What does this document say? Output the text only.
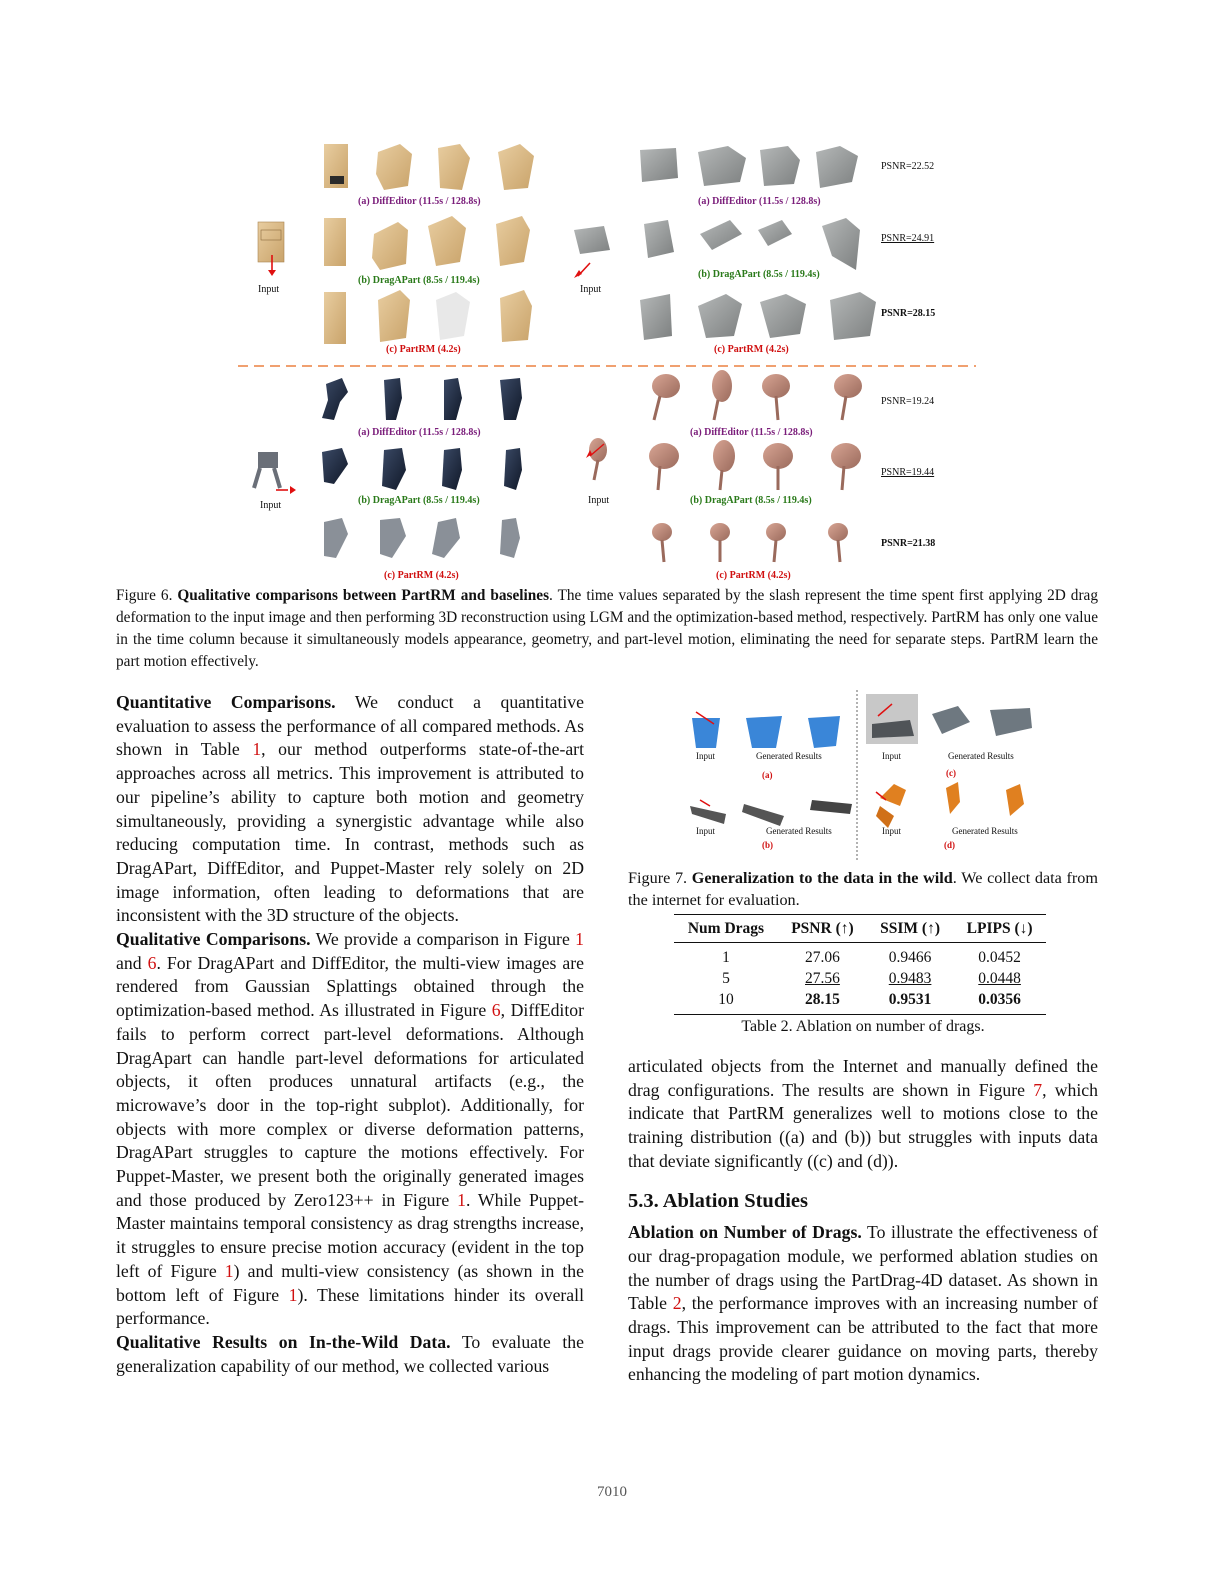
(a) DiffEditor (11.5s / 128.8s)
(b) DragAPart (8.5s / 119.4s)
(c) PartRM (4.2s)
Input
(a) DiffEditor (11.5s / 128.8s)
(b) DragAPart (8.5s / 119.4s)
(c) PartRM (4.2s)
Input
PSNR=22.52
PSNR=24.91
PSNR=28.15
(a) DiffEditor (11.5s / 128.8s)
(b) DragAPart (8.5s / 119.4s)
(c) PartRM (4.2s)
Input
(a) DiffEditor (11.5s / 128.8s)
(b) DragAPart (8.5s / 119.4s)
(c) PartRM (4.2s)
Input
PSNR=19.24
PSNR=19.44
PSNR=21.38
Figure 6. Qualitative comparisons between PartRM and baselines. The time values separated by the slash represent the time spent first applying 2D drag deformation to the input image and then performing 3D reconstruction using LGM and the optimization-based method, respectively. PartRM has only one value in the time column because it simultaneously models appearance, geometry, and part-level motion, eliminating the need for separate steps. PartRM learn the part motion effectively.
Quantitative Comparisons. We conduct a quantitative evaluation to assess the performance of all compared methods. As shown in Table 1, our method outperforms state-of-the-art approaches across all metrics. This improvement is attributed to our pipeline’s ability to capture both motion and geometry simultaneously, providing a synergistic advantage while also reducing computation time. In contrast, methods such as DragAPart, DiffEditor, and Puppet-Master rely solely on 2D image information, often leading to deformations that are inconsistent with the 3D structure of the objects.
Qualitative Comparisons. We provide a comparison in Figure 1 and 6. For DragAPart and DiffEditor, the multi-view images are rendered from Gaussian Splattings obtained through the optimization-based method. As illustrated in Figure 6, DiffEditor fails to perform correct part-level deformations. Although DragApart can handle part-level deformations for articulated objects, it often produces unnatural artifacts (e.g., the microwave’s door in the top-right subplot). Additionally, for objects with more complex or diverse deformation patterns, DragAPart struggles to capture the motions effectively. For Puppet-Master, we present both the originally generated images and those produced by Zero123++ in Figure 1. While Puppet-Master maintains temporal consistency as drag strengths increase, it struggles to ensure precise motion accuracy (evident in the top left of Figure 1) and multi-view consistency (as shown in the bottom left of Figure 1). These limitations hinder its overall performance.
Qualitative Results on In-the-Wild Data. To evaluate the generalization capability of our method, we collected various
Input	Generated Results
(a)
Input	Generated Results
(c)
Input	Generated Results
(b)
Input	Generated Results
(d)
Figure 7. Generalization to the data in the wild. We collect data from the internet for evaluation.
Num Drags	PSNR (↑)	SSIM (↑)	LPIPS (↓)
1	27.06	0.9466	0.0452
5	27.56	0.9483	0.0448
10	28.15	0.9531	0.0356
Table 2. Ablation on number of drags.
articulated objects from the Internet and manually defined the drag configurations. The results are shown in Figure 7, which indicate that PartRM generalizes well to motions close to the training distribution ((a) and (b)) but struggles with inputs data that deviate significantly ((c) and (d)).
5.3. Ablation Studies
Ablation on Number of Drags. To illustrate the effectiveness of our drag-propagation module, we performed ablation studies on the number of drags using the PartDrag-4D dataset. As shown in Table 2, the performance improves with an increasing number of drags. This improvement can be attributed to the fact that more input drags provide clearer guidance on moving parts, thereby enhancing the modeling of part motion dynamics.
7010
